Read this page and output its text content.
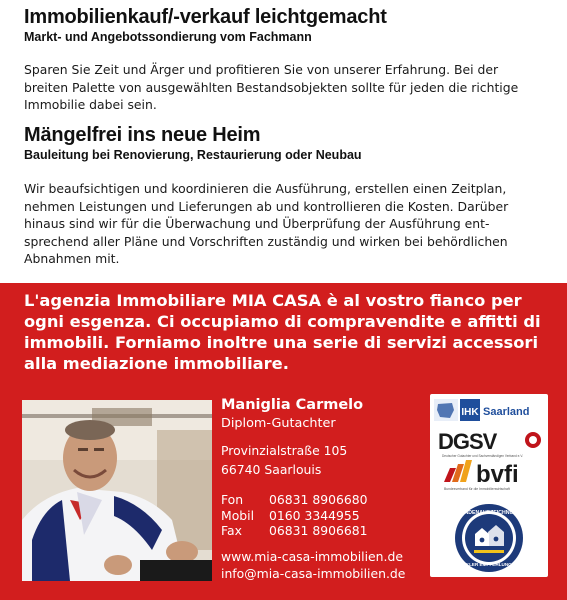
Immobilienkauf/-verkauf leichtgemacht
Markt- und Angebotssondierung vom Fachmann
Sparen Sie Zeit und Ärger und profitieren Sie von unserer Erfahrung. Bei der
breiten Palette von ausgewählten Bestandsobjekten sollte für jeden die richtige
Immobilie dabei sein.
Mängelfrei ins neue Heim
Bauleitung bei Renovierung, Restaurierung oder Neubau
Wir beaufsichtigen und koordinieren die Ausführung, erstellen einen Zeitplan,
nehmen Leistungen und Lieferungen ab und kontrollieren die Kosten. Darüber
hinaus sind wir für die Überwachung und Überprüfung der Ausführung ent-
sprechend aller Pläne und Vorschriften zuständig und wirken bei behördlichen
Abnahmen mit.
L'agenzia Immobiliare MIA CASA è al vostro fianco per
ogni esgenza. Ci occupiamo di compravendite e affitti di
immobili. Forniamo inoltre una serie di servizi accessori
alla mediazione immobiliare.
Maniglia Carmelo
Diplom-Gutachter
Provinzialstraße 105
66740 Saarlouis
Fon	06831 8906680
Mobil	0160 3344955
Fax	06831 8906681
www.mia-casa-immobilien.de
info@mia-casa-immobilien.de
IHK Saarland
DGSV
Deutscher Gutachter und Sachverständigen Verband e.V.
bvfi
Bundesverband für die Immobilienwirtschaft
KUNDENAUSZEICHNUNG
MAKLER EMPFEHLUNG.DE
